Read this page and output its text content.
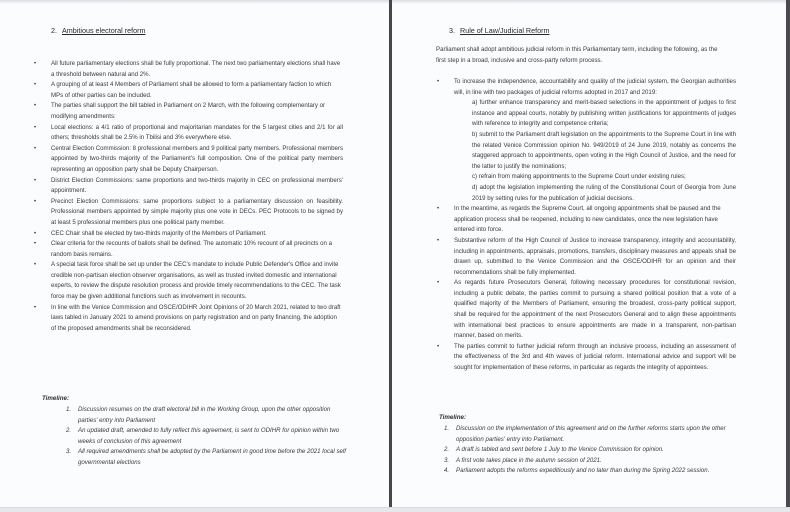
2. Ambitious electoral reform
• All future parliamentary elections shall be fully proportional. The next two parliamentary elections shall have a threshold between natural and 2%.
• A grouping of at least 4 Members of Parliament shall be allowed to form a parliamentary faction to which MPs of other parties can be included.
• The parties shall support the bill tabled in Parliament on 2 March, with the following complementary or modifying amendments:
• Local elections: a 4/1 ratio of proportional and majoritarian mandates for the 5 largest cities and 2/1 for all others; thresholds shall be 2.5% in Tbilisi and 3% everywhere else.
• Central Election Commission: 8 professional members and 9 political party members. Professional members appointed by two-thirds majority of the Parliament's full composition. One of the political party members representing an opposition party shall be Deputy Chairperson.
• District Election Commissions: same proportions and two-thirds majority in CEC on professional members' appointment.
• Precinct Election Commissions: same proportions subject to a parliamentary discussion on feasibility. Professional members appointed by simple majority plus one vote in DECs. PEC Protocols to be signed by at least 5 professional members plus one political party member.
• CEC Chair shall be elected by two-thirds majority of the Members of Parliament.
• Clear criteria for the recounts of ballots shall be defined. The automatic 10% recount of all precincts on a random basis remains.
• A special task force shall be set up under the CEC's mandate to include Public Defender's Office and invite credible non-partisan election observer organisations, as well as trusted invited domestic and international experts, to review the dispute resolution process and provide timely recommendations to the CEC. The task force may be given additional functions such as involvement in recounts.
• In line with the Venice Commission and OSCE/ODIHR Joint Opinions of 20 March 2021, related to two draft laws tabled in January 2021 to amend provisions on party registration and on party financing, the adoption of the proposed amendments shall be reconsidered.
Timeline:
1. Discussion resumes on the draft electoral bill in the Working Group, upon the other opposition parties' entry into Parliament
2. An updated draft, amended to fully reflect this agreement, is sent to ODIHR for opinion within two weeks of conclusion of this agreement
3. All required amendments shall be adopted by the Parliament in good time before the 2021 local self governmental elections
3. Rule of Law/Judicial Reform
Parliament shall adopt ambitious judicial reform in this Parliamentary term, including the following, as the first step in a broad, inclusive and cross-party reform process.
• To increase the independence, accountability and quality of the judicial system, the Georgian authorities will, in line with two packages of judicial reforms adopted in 2017 and 2019:
a) further enhance transparency and merit-based selections in the appointment of judges to first instance and appeal courts, notably by publishing written justifications for appointments of judges with reference to integrity and competence criteria;
b) submit to the Parliament draft legislation on the appointments to the Supreme Court in line with the related Venice Commission opinion No. 949/2019 of 24 June 2019, notably as concerns the staggered approach to appointments, open voting in the High Council of Justice, and the need for the latter to justify the nominations;
c) refrain from making appointments to the Supreme Court under existing rules;
d) adopt the legislation implementing the ruling of the Constitutional Court of Georgia from June 2019 by setting rules for the publication of judicial decisions.
• In the meantime, as regards the Supreme Court, all ongoing appointments shall be paused and the application process shall be reopened, including to new candidates, once the new legislation have entered into force.
• Substantive reform of the High Council of Justice to increase transparency, integrity and accountability, including in appointments, appraisals, promotions, transfers, disciplinary measures and appeals shall be drawn up, submitted to the Venice Commission and the OSCE/ODIHR for an opinion and their recommendations shall be fully implemented.
• As regards future Prosecutors General, following necessary procedures for constitutional revision, including a public debate, the parties commit to pursuing a shared political position that a vote of a qualified majority of the Members of Parliament, ensuring the broadest, cross-party political support, shall be required for the appointment of the next Prosecutors General and to align these appointments with international best practices to ensure appointments are made in a transparent, non-partisan manner, based on merits.
• The parties commit to further judicial reform through an inclusive process, including an assessment of the effectiveness of the 3rd and 4th waves of judicial reform. International advice and support will be sought for implementation of these reforms, in particular as regards the integrity of appointees.
Timeline:
1. Discussion on the implementation of this agreement and on the further reforms starts upon the other opposition parties' entry into Parliament.
2. A draft is tabled and sent before 1 July to the Venice Commission for opinion.
3. A first vote takes place in the autumn session of 2021.
4. Parliament adopts the reforms expeditiously and no later than during the Spring 2022 session.
